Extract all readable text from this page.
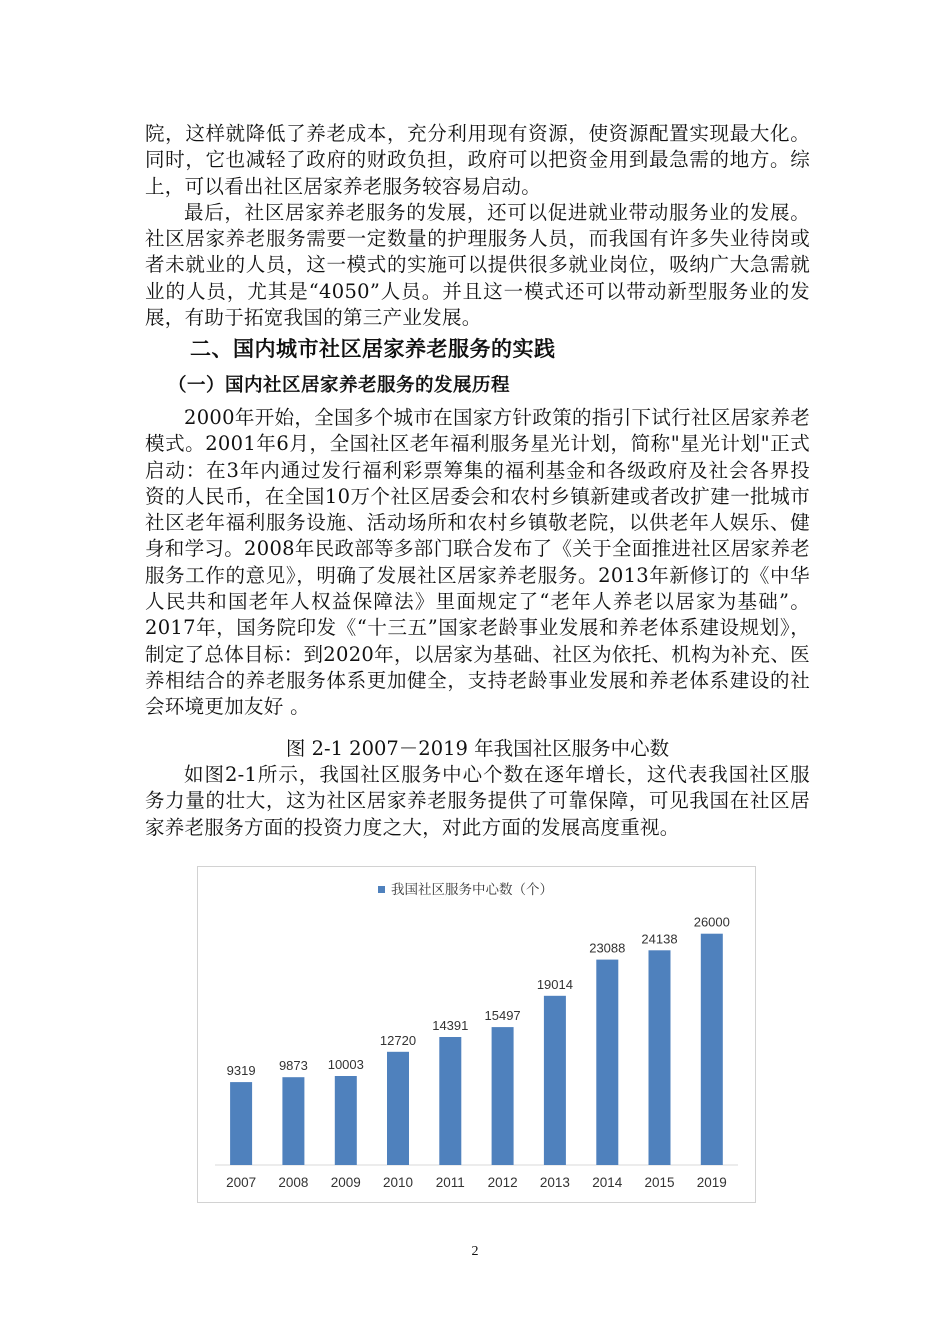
院，这样就降低了养老成本，充分利用现有资源，使资源配置实现最大化。同时，它也减轻了政府的财政负担，政府可以把资金用到最急需的地方。综上，可以看出社区居家养老服务较容易启动。

最后，社区居家养老服务的发展，还可以促进就业带动服务业的发展。社区居家养老服务需要一定数量的护理服务人员，而我国有许多失业待岗或者未就业的人员，这一模式的实施可以提供很多就业岗位，吸纳广大急需就业的人员，尤其是“4050”人员。并且这一模式还可以带动新型服务业的发展，有助于拓宽我国的第三产业发展。

二、国内城市社区居家养老服务的实践
（一）国内社区居家养老服务的发展历程

2000年开始，全国多个城市在国家方针政策的指引下试行社区居家养老模式。2001年6月，全国社区老年福利服务星光计划，简称"星光计划"正式启动：在3年内通过发行福利彩票筹集的福利基金和各级政府及社会各界投资的人民币，在全国10万个社区居委会和农村乡镇新建或者改扩建一批城市社区老年福利服务设施、活动场所和农村乡镇敬老院，以供老年人娱乐、健身和学习。2008年民政部等多部门联合发布了《关于全面推进社区居家养老服务工作的意见》，明确了发展社区居家养老服务。2013年新修订的《中华人民共和国老年人权益保障法》里面规定了“老年人养老以居家为基础”。2017年，国务院印发《“十三五”国家老龄事业发展和养老体系建设规划》，制定了总体目标：到2020年，以居家为基础、社区为依托、机构为补充、医养相结合的养老服务体系更加健全，支持老龄事业发展和养老体系建设的社会环境更加友好 。

图 2-1 2007－2019 年我国社区服务中心数

如图2-1所示，我国社区服务中心个数在逐年增长，这代表我国社区服务力量的壮大，这为社区居家养老服务提供了可靠保障，可见我国在社区居家养老服务方面的投资力度之大，对此方面的发展高度重视。

我国社区服务中心数（个）
9319
2007
9873
2008
10003
2009
12720
2010
14391
2011
15497
2012
19014
2013
23088
2014
24138
2015
26000
2019
2
